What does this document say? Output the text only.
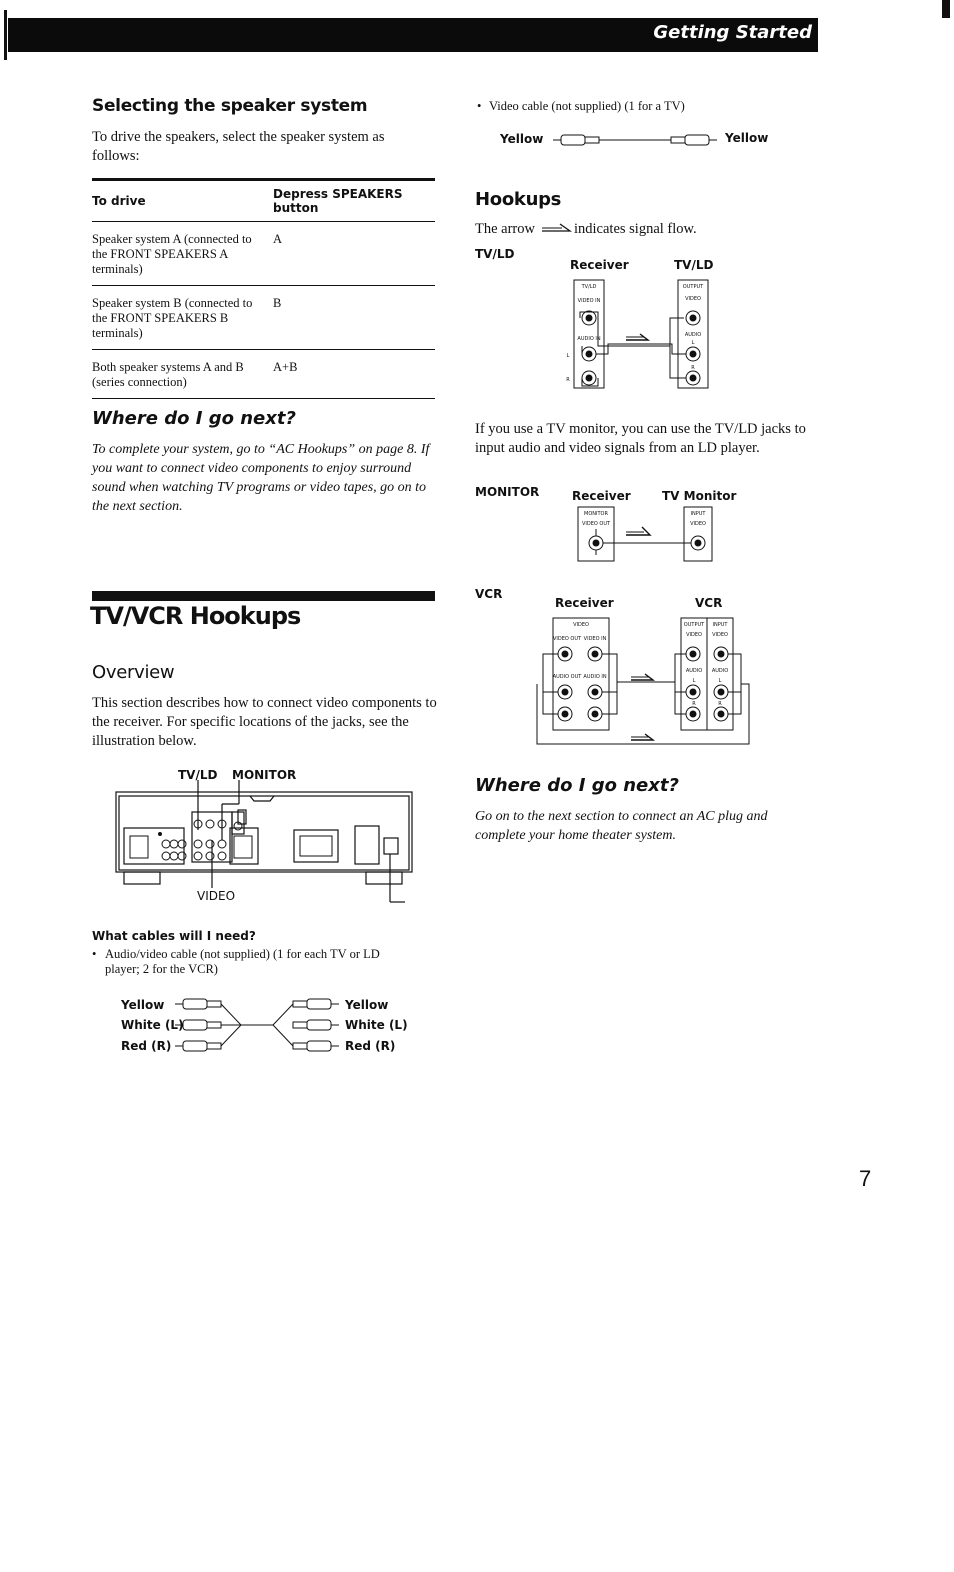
Getting Started
Selecting the speaker system
To drive the speakers, select the speaker system as follows:
To drive	Depress SPEAKERS button
Speaker system A (connected to the FRONT SPEAKERS A terminals)	A
Speaker system B (connected to the FRONT SPEAKERS B terminals)	B
Both speaker systems A and B (series connection)	A+B
Where do I go next?
To complete your system, go to “AC Hookups” on page 8. If you want to connect video components to enjoy surround sound when watching TV programs or video tapes, go on to the next section.
TV/VCR Hookups
Overview
This section describes how to connect video components to the receiver. For specific locations of the jacks, see the illustration below.
TV/LD MONITOR
VIDEO
What cables will I need?
• Audio/video cable (not supplied) (1 for each TV or LD player; 2 for the VCR)
Yellow
White (L)
Red (R)
Yellow
White (L)
Red (R)
• Video cable (not supplied) (1 for a TV)
Yellow	Yellow
Hookups
The arrow	indicates signal flow.
TV/LD
Receiver	TV/LD
TV/LD
VIDEO IN
AUDIO IN
OUTPUT
VIDEO
AUDIO
L
R
L
R
If you use a TV monitor, you can use the TV/LD jacks to input audio and video signals from an LD player.
MONITOR	Receiver	TV Monitor
MONITOR
VIDEO OUT
INPUT
VIDEO
VCR
Receiver	VCR
VIDEO
VIDEO OUT VIDEO IN
AUDIO OUT AUDIO IN
OUTPUT INPUT
VIDEO VIDEO
AUDIO AUDIO
L	L
R	R
Where do I go next?
Go on to the next section to connect an AC plug and complete your home theater system.
7
